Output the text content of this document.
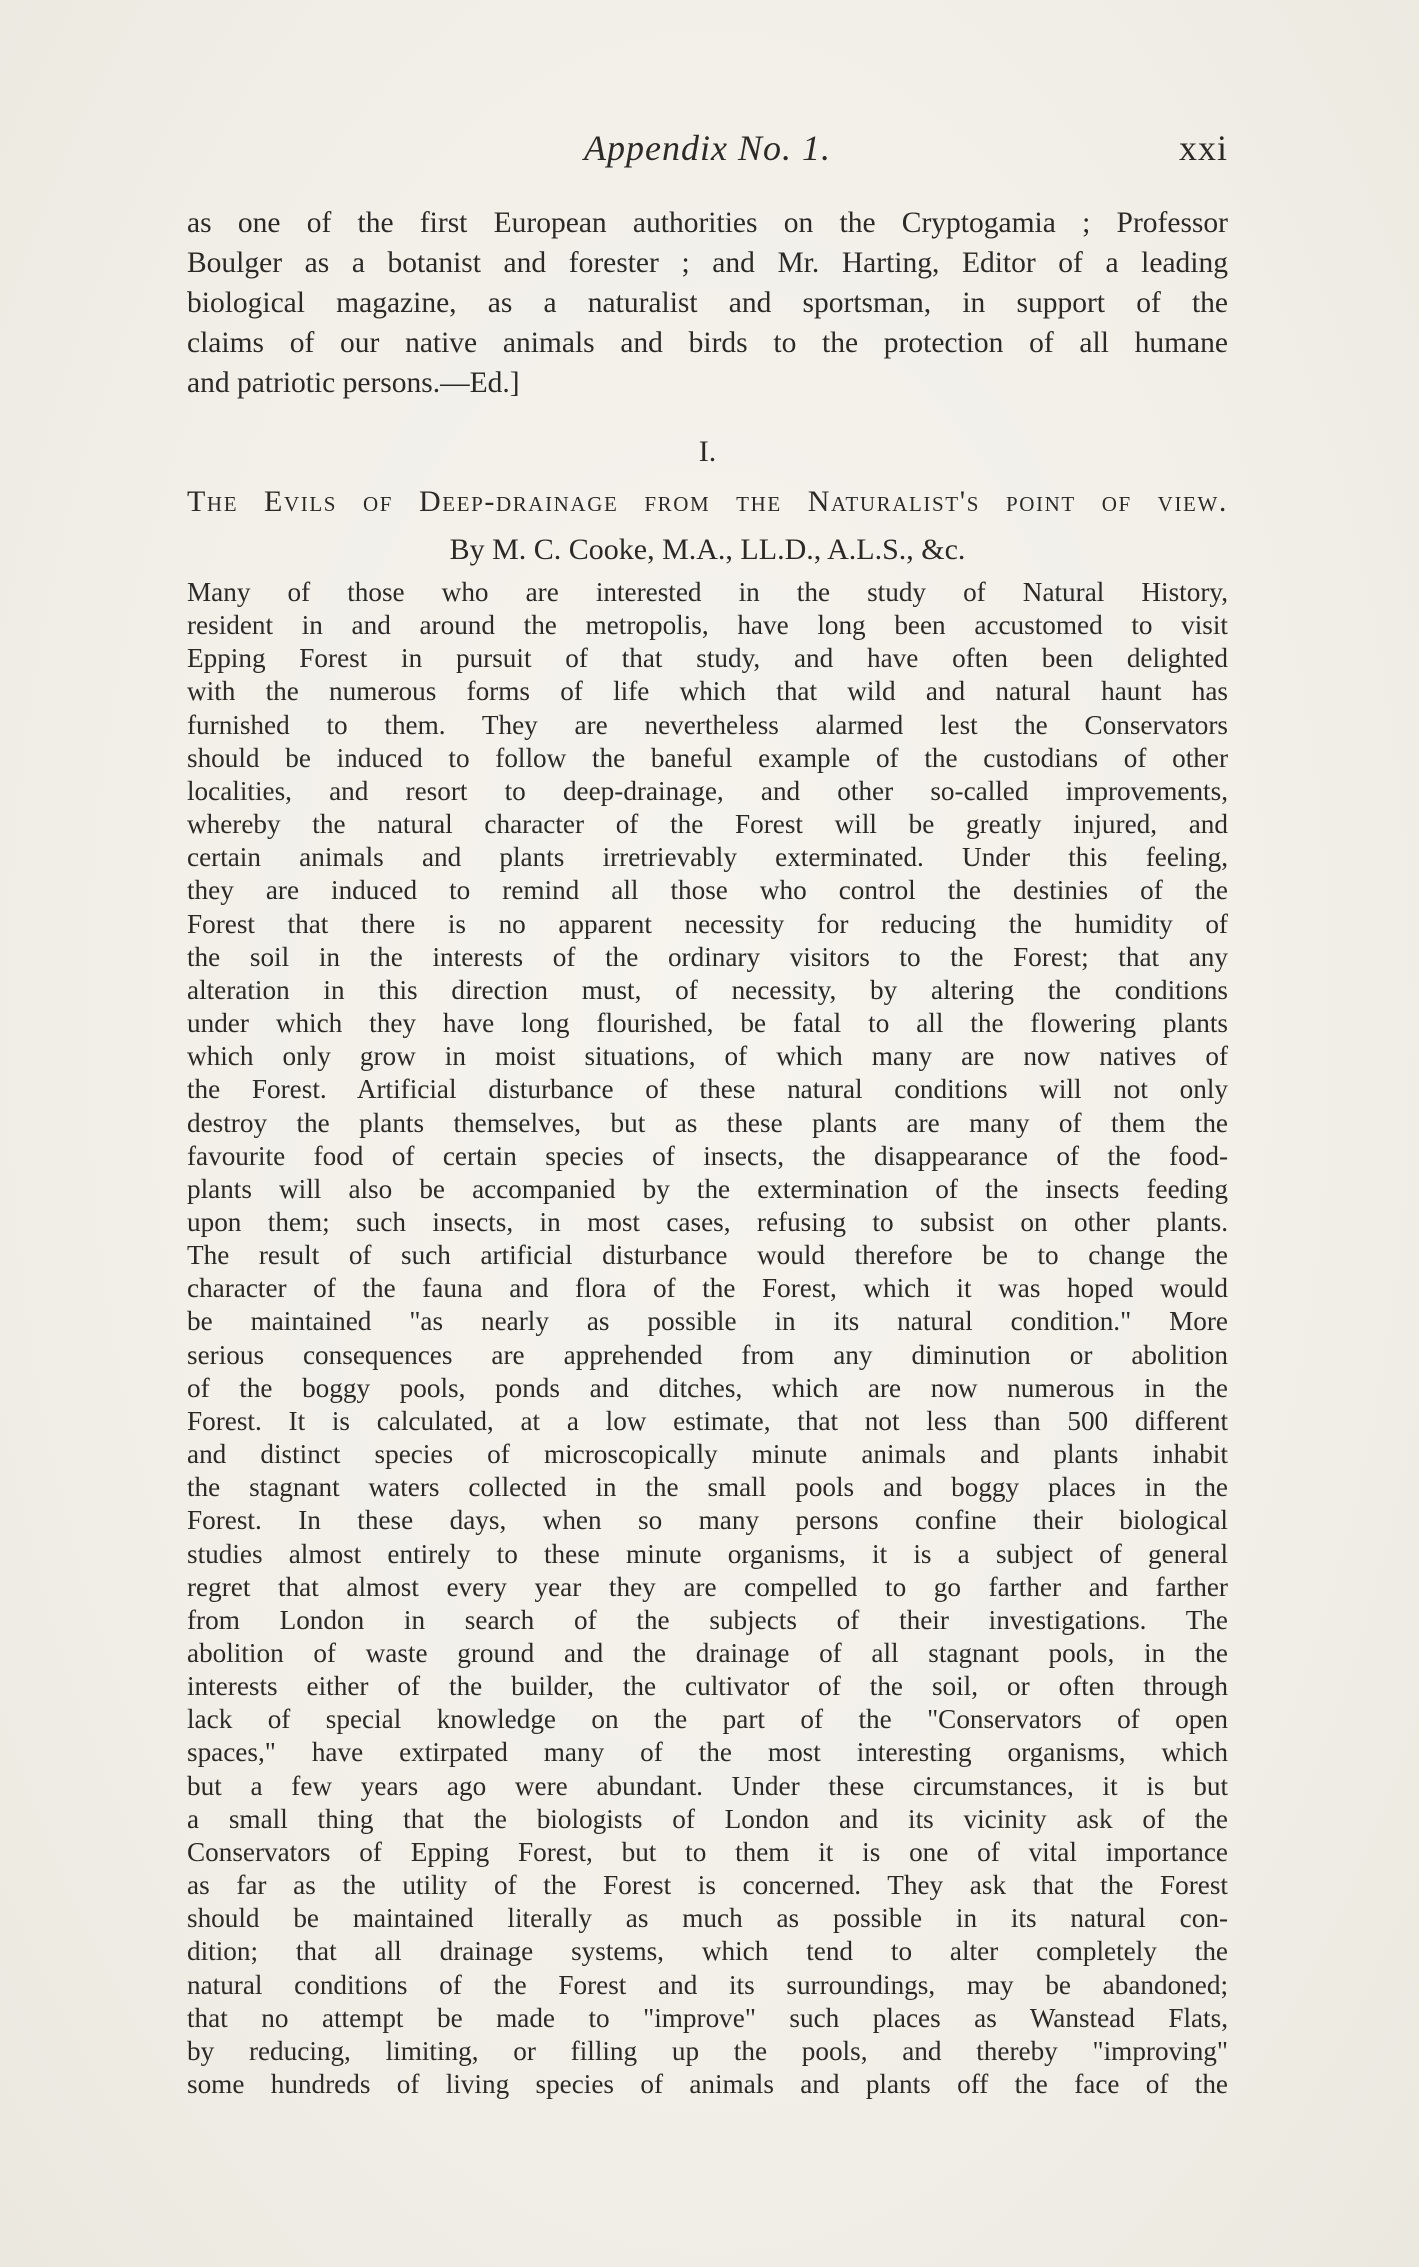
Appendix No. 1.	xxi
as one of the first European authorities on the Cryptogamia ; Professor
Boulger as a botanist and forester ; and Mr. Harting, Editor of a leading
biological magazine, as a naturalist and sportsman, in support of the
claims of our native animals and birds to the protection of all humane
and patriotic persons.—Ed.]
I.
The Evils of Deep-drainage from the Naturalist's point of view.
By M. C. Cooke, M.A., LL.D., A.L.S., &c.
Many of those who are interested in the study of Natural History,
resident in and around the metropolis, have long been accustomed to visit
Epping Forest in pursuit of that study, and have often been delighted
with the numerous forms of life which that wild and natural haunt has
furnished to them. They are nevertheless alarmed lest the Conservators
should be induced to follow the baneful example of the custodians of other
localities, and resort to deep-drainage, and other so-called improvements,
whereby the natural character of the Forest will be greatly injured, and
certain animals and plants irretrievably exterminated. Under this feeling,
they are induced to remind all those who control the destinies of the
Forest that there is no apparent necessity for reducing the humidity of
the soil in the interests of the ordinary visitors to the Forest; that any
alteration in this direction must, of necessity, by altering the conditions
under which they have long flourished, be fatal to all the flowering plants
which only grow in moist situations, of which many are now natives of
the Forest. Artificial disturbance of these natural conditions will not only
destroy the plants themselves, but as these plants are many of them the
favourite food of certain species of insects, the disappearance of the food-
plants will also be accompanied by the extermination of the insects feeding
upon them; such insects, in most cases, refusing to subsist on other plants.
The result of such artificial disturbance would therefore be to change the
character of the fauna and flora of the Forest, which it was hoped would
be maintained "as nearly as possible in its natural condition." More
serious consequences are apprehended from any diminution or abolition
of the boggy pools, ponds and ditches, which are now numerous in the
Forest. It is calculated, at a low estimate, that not less than 500 different
and distinct species of microscopically minute animals and plants inhabit
the stagnant waters collected in the small pools and boggy places in the
Forest. In these days, when so many persons confine their biological
studies almost entirely to these minute organisms, it is a subject of general
regret that almost every year they are compelled to go farther and farther
from London in search of the subjects of their investigations. The
abolition of waste ground and the drainage of all stagnant pools, in the
interests either of the builder, the cultivator of the soil, or often through
lack of special knowledge on the part of the "Conservators of open
spaces," have extirpated many of the most interesting organisms, which
but a few years ago were abundant. Under these circumstances, it is but
a small thing that the biologists of London and its vicinity ask of the
Conservators of Epping Forest, but to them it is one of vital importance
as far as the utility of the Forest is concerned. They ask that the Forest
should be maintained literally as much as possible in its natural con-
dition; that all drainage systems, which tend to alter completely the
natural conditions of the Forest and its surroundings, may be abandoned;
that no attempt be made to "improve" such places as Wanstead Flats,
by reducing, limiting, or filling up the pools, and thereby "improving"
some hundreds of living species of animals and plants off the face of the
